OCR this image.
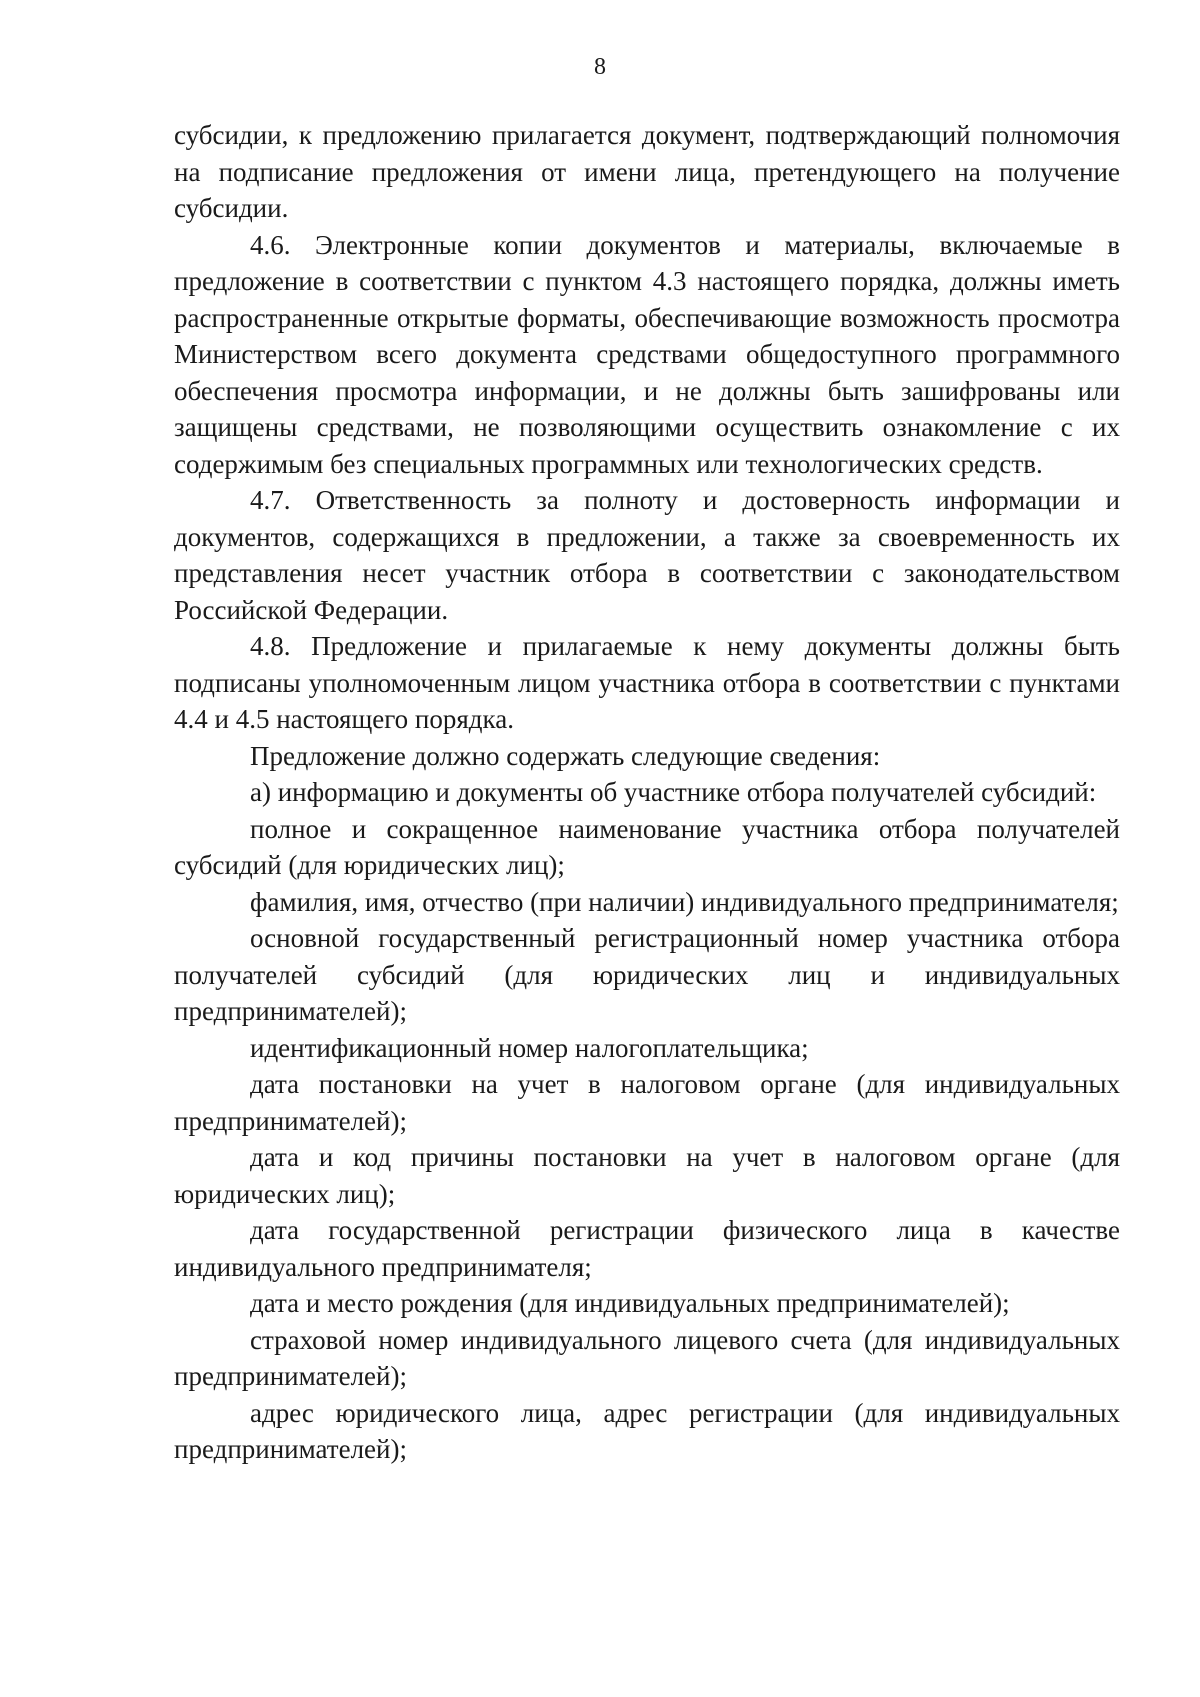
8

субсидии, к предложению прилагается документ, подтверждающий полномочия на подписание предложения от имени лица, претендующего на получение субсидии.

4.6. Электронные копии документов и материалы, включаемые в предложение в соответствии с пунктом 4.3 настоящего порядка, должны иметь распространенные открытые форматы, обеспечивающие возможность просмотра Министерством всего документа средствами общедоступного программного обеспечения просмотра информации, и не должны быть зашифрованы или защищены средствами, не позволяющими осуществить ознакомление с их содержимым без специальных программных или технологических средств.

4.7. Ответственность за полноту и достоверность информации и документов, содержащихся в предложении, а также за своевременность их представления несет участник отбора в соответствии с законодательством Российской Федерации.

4.8. Предложение и прилагаемые к нему документы должны быть подписаны уполномоченным лицом участника отбора в соответствии с пунктами 4.4 и 4.5 настоящего порядка.

Предложение должно содержать следующие сведения:

а) информацию и документы об участнике отбора получателей субсидий:

полное и сокращенное наименование участника отбора получателей субсидий (для юридических лиц);

фамилия, имя, отчество (при наличии) индивидуального предпринимателя;

основной государственный регистрационный номер участника отбора получателей субсидий (для юридических лиц и индивидуальных предпринимателей);

идентификационный номер налогоплательщика;

дата постановки на учет в налоговом органе (для индивидуальных предпринимателей);

дата и код причины постановки на учет в налоговом органе (для юридических лиц);

дата государственной регистрации физического лица в качестве индивидуального предпринимателя;

дата и место рождения (для индивидуальных предпринимателей);

страховой номер индивидуального лицевого счета (для индивидуальных предпринимателей);

адрес юридического лица, адрес регистрации (для индивидуальных предпринимателей);
